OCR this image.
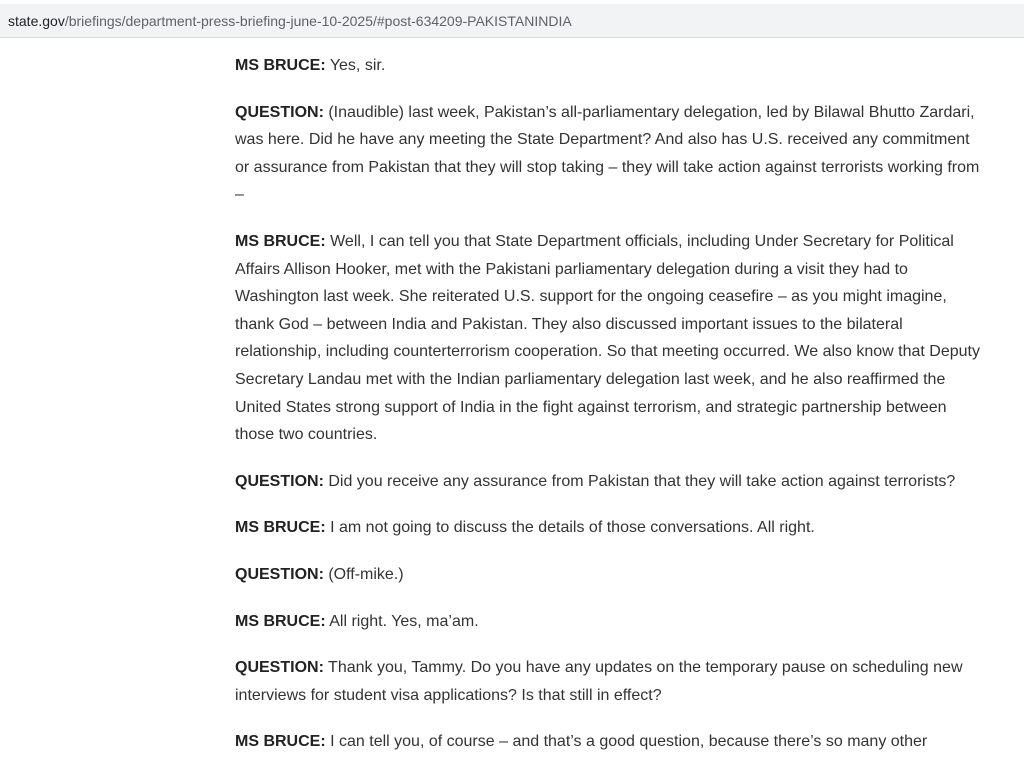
state.gov /briefings/department-press-briefing-june-10-2025/#post-634209-PAKISTANINDIA

MS BRUCE: Yes, sir.

QUESTION: (Inaudible) last week, Pakistan’s all-parliamentary delegation, led by Bilawal Bhutto Zardari, was here. Did he have any meeting the State Department? And also has U.S. received any commitment or assurance from Pakistan that they will stop taking – they will take action against terrorists working from –

MS BRUCE: Well, I can tell you that State Department officials, including Under Secretary for Political Affairs Allison Hooker, met with the Pakistani parliamentary delegation during a visit they had to Washington last week. She reiterated U.S. support for the ongoing ceasefire – as you might imagine, thank God – between India and Pakistan. They also discussed important issues to the bilateral relationship, including counterterrorism cooperation. So that meeting occurred. We also know that Deputy Secretary Landau met with the Indian parliamentary delegation last week, and he also reaffirmed the United States strong support of India in the fight against terrorism, and strategic partnership between those two countries.

QUESTION: Did you receive any assurance from Pakistan that they will take action against terrorists?

MS BRUCE: I am not going to discuss the details of those conversations. All right.

QUESTION: (Off-mike.)

MS BRUCE: All right. Yes, ma’am.

QUESTION: Thank you, Tammy. Do you have any updates on the temporary pause on scheduling new interviews for student visa applications? Is that still in effect?

MS BRUCE: I can tell you, of course – and that’s a good question, because there’s so many other
